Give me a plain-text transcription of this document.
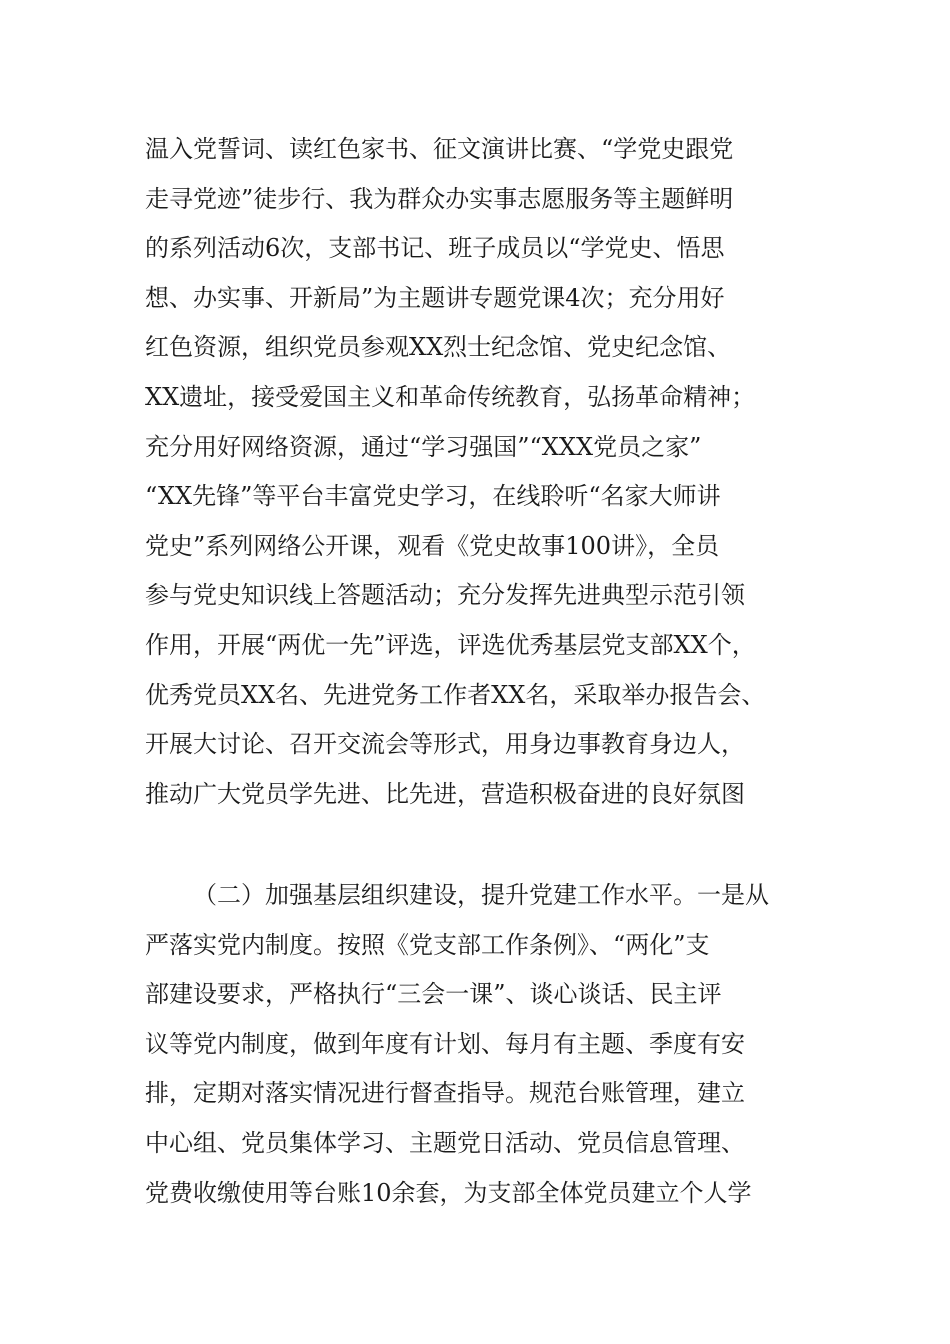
温入党誓词、读红色家书、征文演讲比赛、“学党史跟党
走寻党迹”徒步行、我为群众办实事志愿服务等主题鲜明
的系列活动6次，支部书记、班子成员以“学党史、悟思
想、办实事、开新局”为主题讲专题党课4次；充分用好
红色资源，组织党员参观XX烈士纪念馆、党史纪念馆、
XX遗址，接受爱国主义和革命传统教育，弘扬革命精神；
充分用好网络资源，通过“学习强国”“XXX党员之家”
“XX先锋”等平台丰富党史学习，在线聆听“名家大师讲
党史”系列网络公开课，观看《党史故事100讲》，全员
参与党史知识线上答题活动；充分发挥先进典型示范引领
作用，开展“两优一先”评选，评选优秀基层党支部XX个，
优秀党员XX名、先进党务工作者XX名，采取举办报告会、
开展大讨论、召开交流会等形式，用身边事教育身边人，
推动广大党员学先进、比先进，营造积极奋进的良好氛图
（二）加强基层组织建设，提升党建工作水平。一是从
严落实党内制度。按照《党支部工作条例》、“两化”支
部建设要求，严格执行“三会一课”、谈心谈话、民主评
议等党内制度，做到年度有计划、每月有主题、季度有安
排，定期对落实情况进行督查指导。规范台账管理，建立
中心组、党员集体学习、主题党日活动、党员信息管理、
党费收缴使用等台账10余套，为支部全体党员建立个人学
